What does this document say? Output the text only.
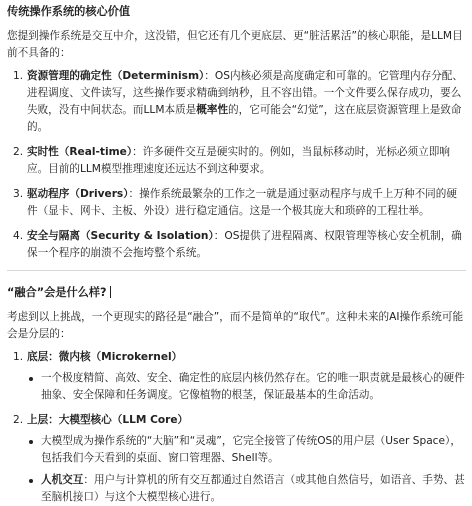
传统操作系统的核心价值

您提到操作系统是交互中介，这没错，但它还有几个更底层、更“脏活累活”的核心职能，是LLM目前不具备的：

1. 资源管理的确定性（Determinism）：OS内核必须是高度确定和可靠的。它管理内存分配、进程调度、文件读写，这些操作要求精确到纳秒，且不容出错。一个文件要么保存成功，要么失败，没有中间状态。而LLM本质是概率性的，它可能会“幻觉”，这在底层资源管理上是致命的。
2. 实时性（Real-time）：许多硬件交互是硬实时的。例如，当鼠标移动时，光标必须立即响应。目前的LLM模型推理速度还远达不到这种要求。
3. 驱动程序（Drivers）：操作系统最繁杂的工作之一就是通过驱动程序与成千上万种不同的硬件（显卡、网卡、主板、外设）进行稳定通信。这是一个极其庞大和琐碎的工程壮举。
4. 安全与隔离（Security & Isolation）：OS提供了进程隔离、权限管理等核心安全机制，确保一个程序的崩溃不会拖垮整个系统。
“融合”会是什么样?

考虑到以上挑战，一个更现实的路径是“融合”，而不是简单的“取代”。这种未来的AI操作系统可能会是分层的：

1. 底层：微内核（Microkernel）
一个极度精简、高效、安全、确定性的底层内核仍然存在。它的唯一职责就是最核心的硬件抽象、安全保障和任务调度。它像植物的根茎，保证最基本的生命活动。
2. 上层：大模型核心（LLM Core）
大模型成为操作系统的“大脑”和“灵魂”，它完全接管了传统OS的用户层（User Space），包括我们今天看到的桌面、窗口管理器、Shell等。
人机交互：用户与计算机的所有交互都通过自然语言（或其他自然信号，如语音、手势、甚至脑机接口）与这个大模型核心进行。
